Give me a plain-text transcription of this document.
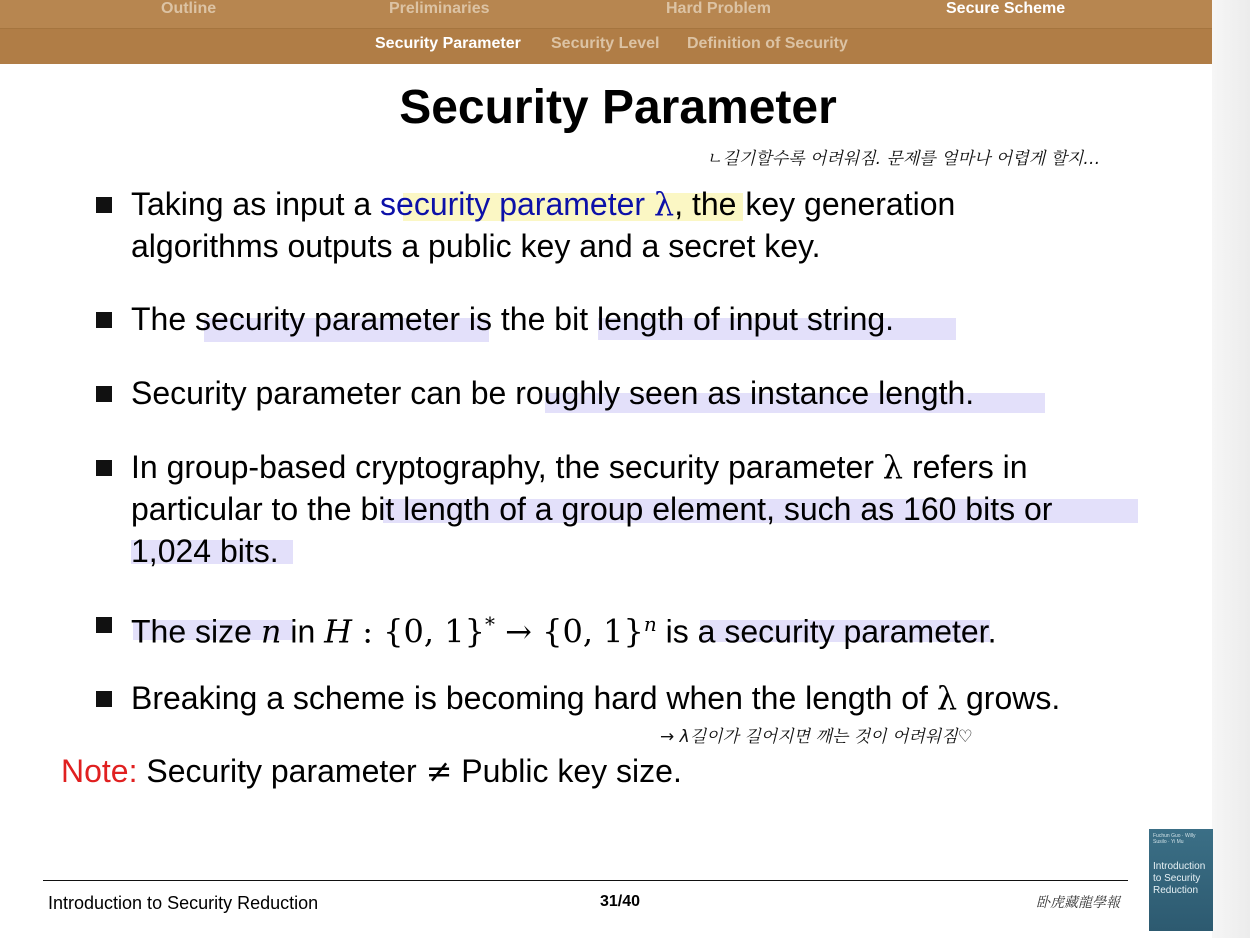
Outline	Preliminaries	Hard Problem	Secure Scheme
Security Parameter Security Level Definition of Security
Security Parameter
ㄴ길기할수록 어려워짐. 문제를 얼마나 어렵게 할지…
Taking as input a security parameter λ, the key generation
algorithms outputs a public key and a secret key.
The security parameter is the bit length of input string.
Security parameter can be roughly seen as instance length.
In group-based cryptography, the security parameter λ refers in
particular to the bit length of a group element, such as 160 bits or
1,024 bits.
The size n in H : {0, 1}* → {0, 1}$^n$ is a security parameter.
Breaking a scheme is becoming hard when the length of λ grows.
→ λ길이가 길어지면 깨는 것이 어려워짐♡
Note: Security parameter ≠ Public key size.
Introduction to Security Reduction	31/40	卧虎藏龍學報
Fuchun Guo · Willy Susilo · Yi Mu
Introduction to Security Reduction
